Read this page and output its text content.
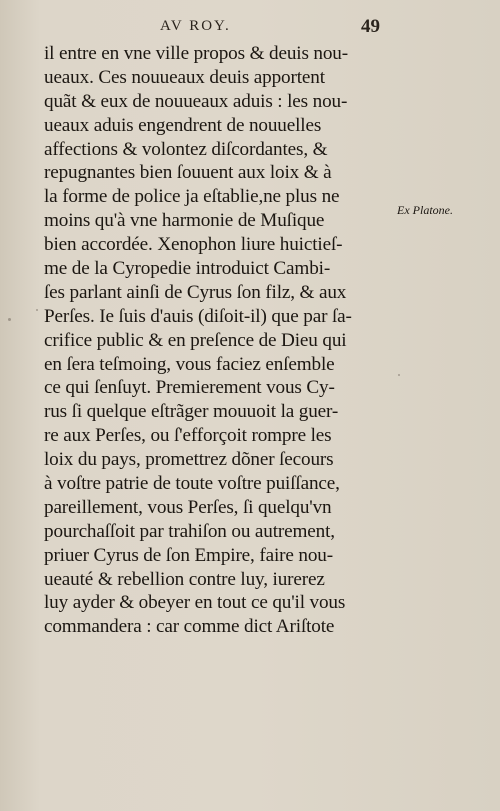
AV ROY.	49
il entre en vne ville propos & deuis nou-
ueaux. Ces nouueaux deuis apportent
quãt & eux de nouueaux aduis : les nou-
ueaux aduis engendrent de nouuelles
affections & volontez diſcordantes, &
repugnantes bien ſouuent aux loix & à
la forme de police ja eſtablie,ne plus ne
moins qu'à vne harmonie de Muſique
bien accordée. Xenophon liure huictieſ-
me de la Cyropedie introduict Cambi-
ſes parlant ainſi de Cyrus ſon filz, & aux
Perſes. Ie ſuis d'auis (diſoit-il) que par ſa-
crifice public & en preſence de Dieu qui
en ſera teſmoing, vous faciez enſemble
ce qui ſenſuyt. Premierement vous Cy-
rus ſi quelque eſtrãger mouuoit la guer-
re aux Perſes, ou ſ'efforçoit rompre les
loix du pays, promettrez dõner ſecours
à voſtre patrie de toute voſtre puiſſance,
pareillement, vous Perſes, ſi quelqu'vn
pourchaſſoit par trahiſon ou autrement,
priuer Cyrus de ſon Empire, faire nou-
ueauté & rebellion contre luy, iurerez
luy ayder & obeyer en tout ce qu'il vous
commandera : car comme dict Ariſtote
Ex Platone.
